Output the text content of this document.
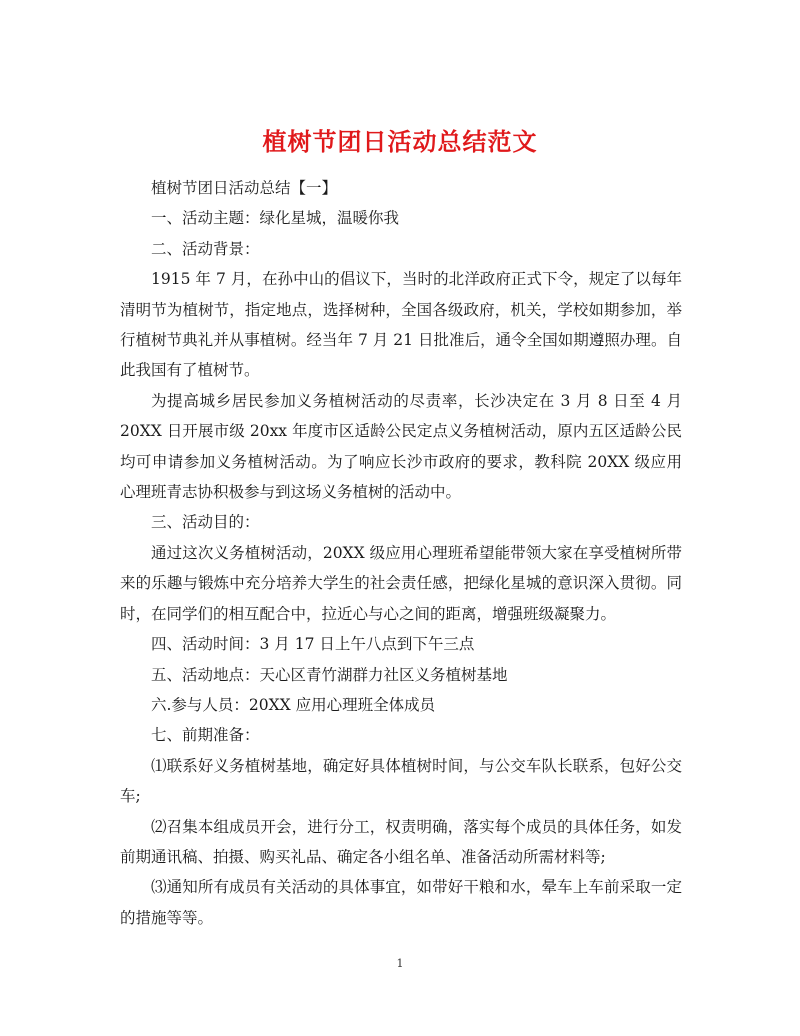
植树节团日活动总结范文

植树节团日活动总结【一】

一、活动主题：绿化星城，温暖你我

二、活动背景：

1915 年 7 月，在孙中山的倡议下，当时的北洋政府正式下令，规定了以每年清明节为植树节，指定地点，选择树种，全国各级政府，机关，学校如期参加，举行植树节典礼并从事植树。经当年 7 月 21 日批准后，通令全国如期遵照办理。自此我国有了植树节。

为提高城乡居民参加义务植树活动的尽责率，长沙决定在 3 月 8 日至 4 月20XX 日开展市级 20xx 年度市区适龄公民定点义务植树活动，原内五区适龄公民均可申请参加义务植树活动。为了响应长沙市政府的要求，教科院 20XX 级应用心理班青志协积极参与到这场义务植树的活动中。

三、活动目的：

通过这次义务植树活动，20XX 级应用心理班希望能带领大家在享受植树所带来的乐趣与锻炼中充分培养大学生的社会责任感，把绿化星城的意识深入贯彻。同时，在同学们的相互配合中，拉近心与心之间的距离，增强班级凝聚力。

四、活动时间：3 月 17 日上午八点到下午三点

五、活动地点：天心区青竹湖群力社区义务植树基地

六.参与人员：20XX 应用心理班全体成员

七、前期准备：

⑴联系好义务植树基地，确定好具体植树时间，与公交车队长联系，包好公交车;

⑵召集本组成员开会，进行分工，权责明确，落实每个成员的具体任务，如发前期通讯稿、拍摄、购买礼品、确定各小组名单、准备活动所需材料等;

⑶通知所有成员有关活动的具体事宜，如带好干粮和水，晕车上车前采取一定的措施等等。

1
